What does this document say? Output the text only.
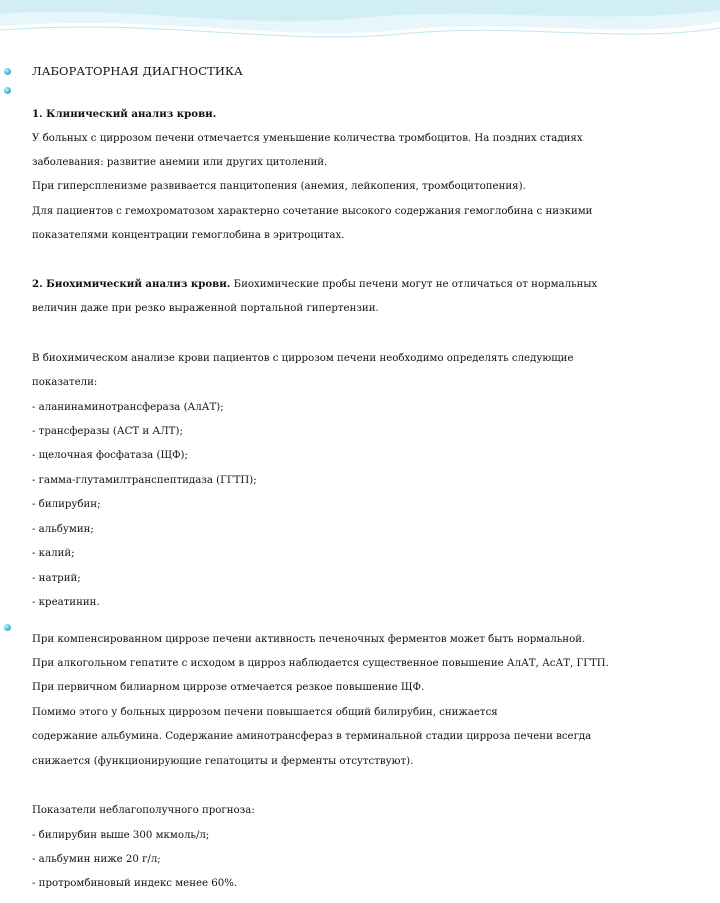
ЛАБОРАТОРНАЯ ДИАГНОСТИКА

1. Клинический анализ крови.

У больных с циррозом печени отмечается уменьшение количества тромбоцитов. На поздних стадиях

заболевания: развитие анемии или других цитолений.

При гиперспленизме развивается панцитопения (анемия, лейкопения, тромбоцитопения).

Для пациентов с гемохроматозом характерно сочетание высокого содержания гемоглобина с низкими

показателями концентрации гемоглобина в эритроцитах.

2. Биохимический анализ крови. Биохимические пробы печени могут не отличаться от нормальных

величин даже при резко выраженной портальной гипертензии.

В биохимическом анализе крови пациентов с циррозом печени необходимо определять следующие

показатели:

- аланинаминотрансфераза (АлАТ);

- трансферазы (АСТ и АЛТ);

- щелочная фосфатаза (ЩФ);

- гамма-глутамилтранспептидаза (ГГТП);

- билирубин;

- альбумин;

- калий;

- натрий;

- креатинин.

При компенсированном циррозе печени активность печеночных ферментов может быть нормальной.

При алкогольном гепатите с исходом в цирроз наблюдается существенное повышение АлАТ, АсАТ, ГГТП.

При первичном билиарном циррозе отмечается резкое повышение ЩФ.

Помимо этого у больных циррозом печени повышается общий билирубин, снижается

содержание альбумина. Содержание аминотрансфераз в терминальной стадии цирроза печени всегда

снижается (функционирующие гепатоциты и ферменты отсутствуют).

Показатели неблагополучного прогноза:

- билирубин выше 300 мкмоль/л;

- альбумин ниже 20 г/л;

- протромбиновый индекс менее 60%.
